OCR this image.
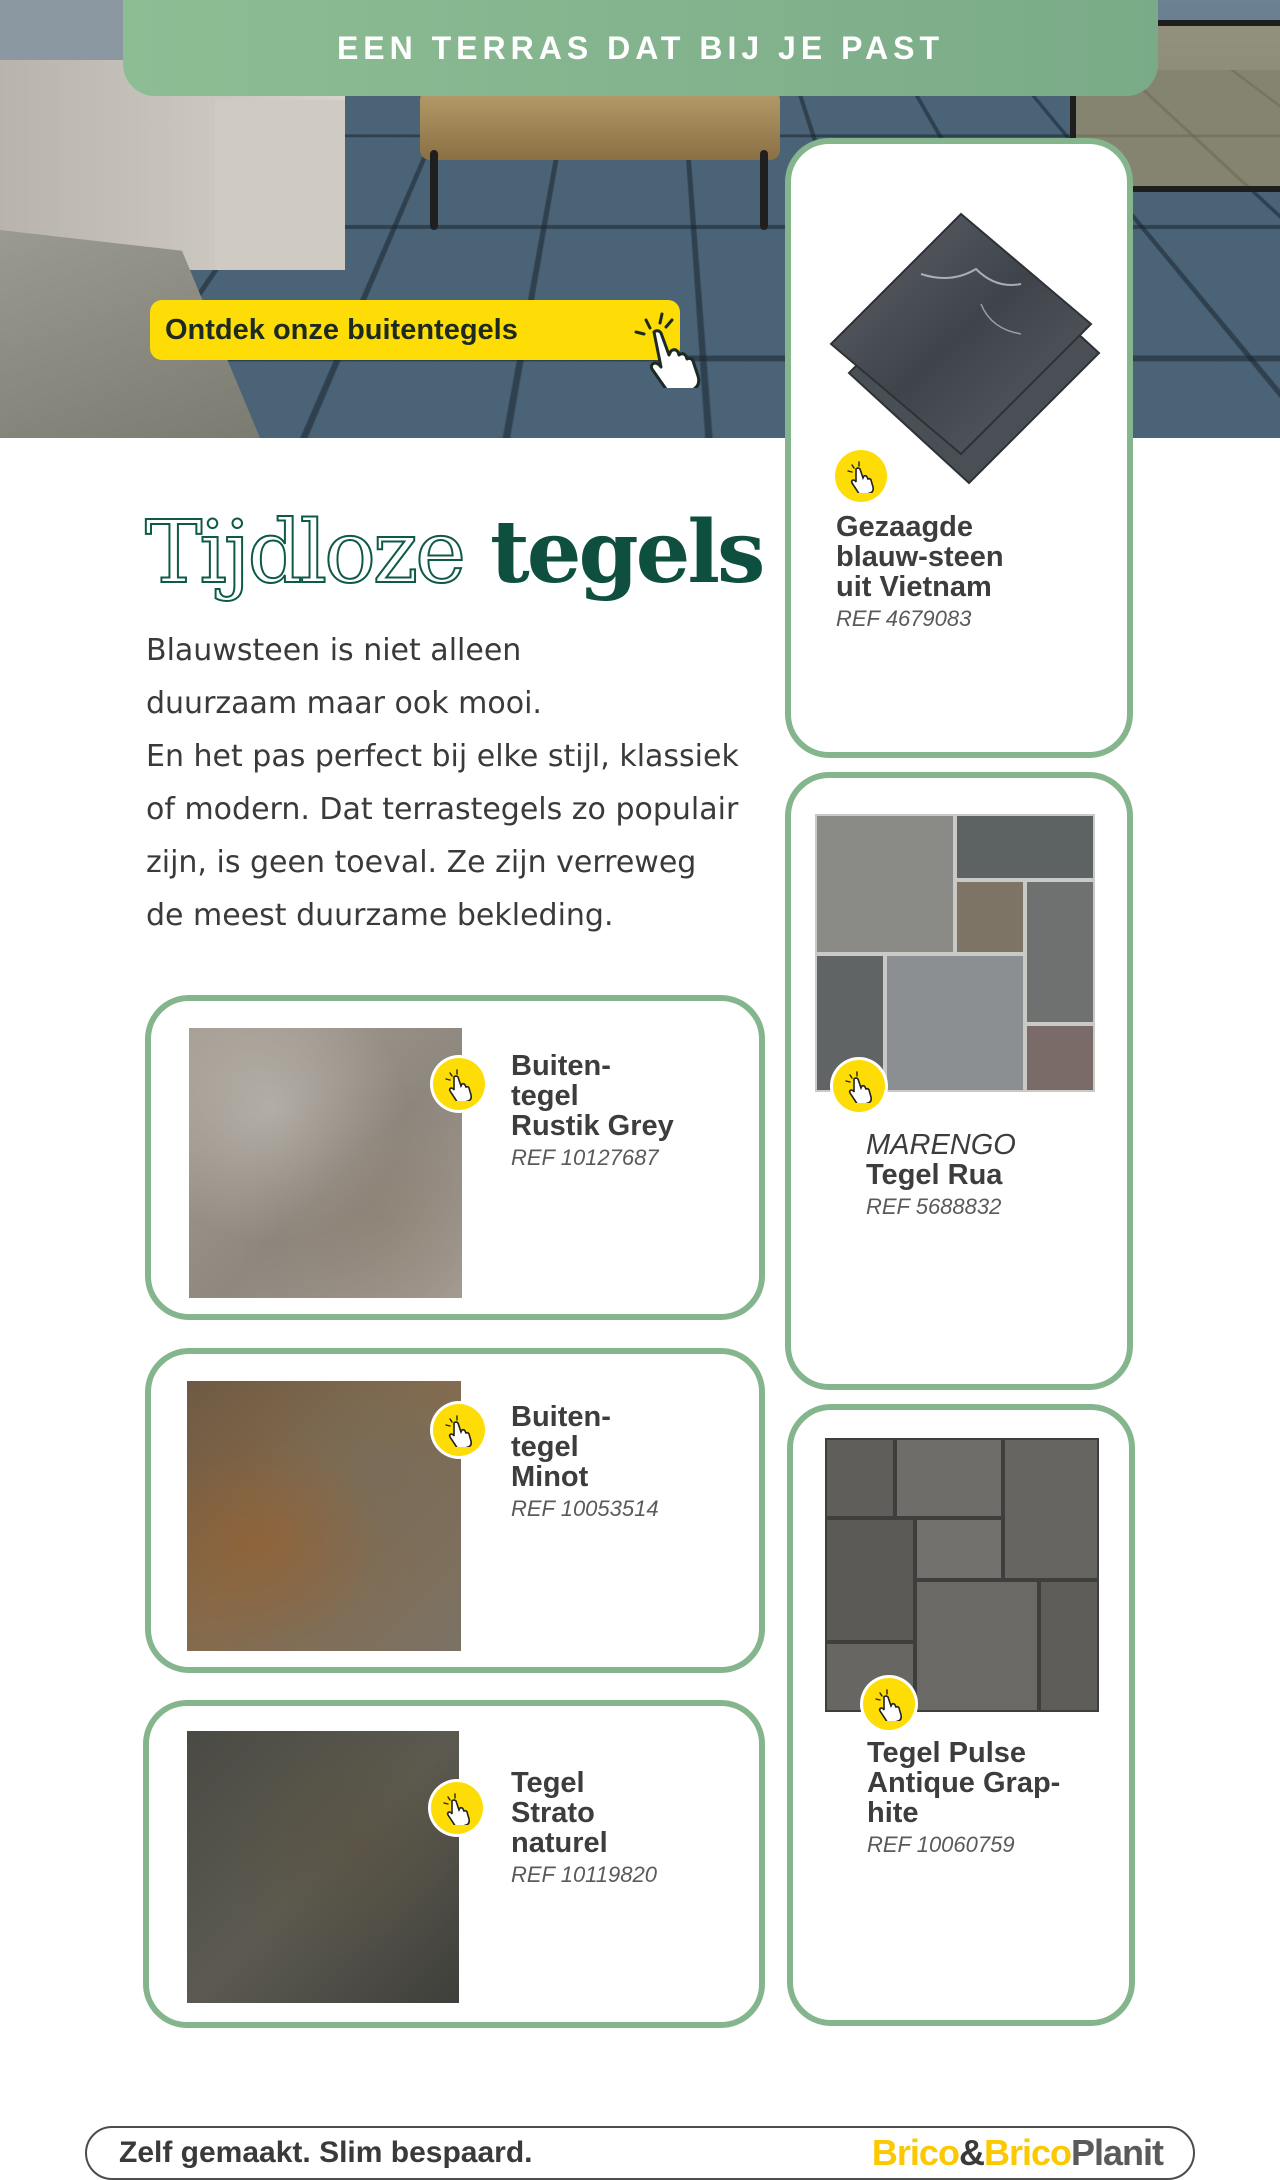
EEN TERRAS DAT BIJ JE PAST
Ontdek onze buitentegels
Tijdloze tegels

Blauwsteen is niet alleen

duurzaam maar ook mooi.

En het pas perfect bij elke stijl, klassiek

of modern. Dat terrastegels zo populair

zijn, is geen toeval. Ze zijn verreweg

de meest duurzame bekleding.

Gezaagde
blauw-steen
uit Vietnam

REF 4679083

MARENGO

Tegel Rua

REF 5688832

Tegel Pulse
Antique Grap-
hite

REF 10060759

Buiten-
tegel
Rustik Grey

REF 10127687

Buiten-
tegel
Minot

REF 10053514

Tegel
Strato
naturel

REF 10119820

Zelf gemaakt. Slim bespaard.	Brico&BricoPlanit
